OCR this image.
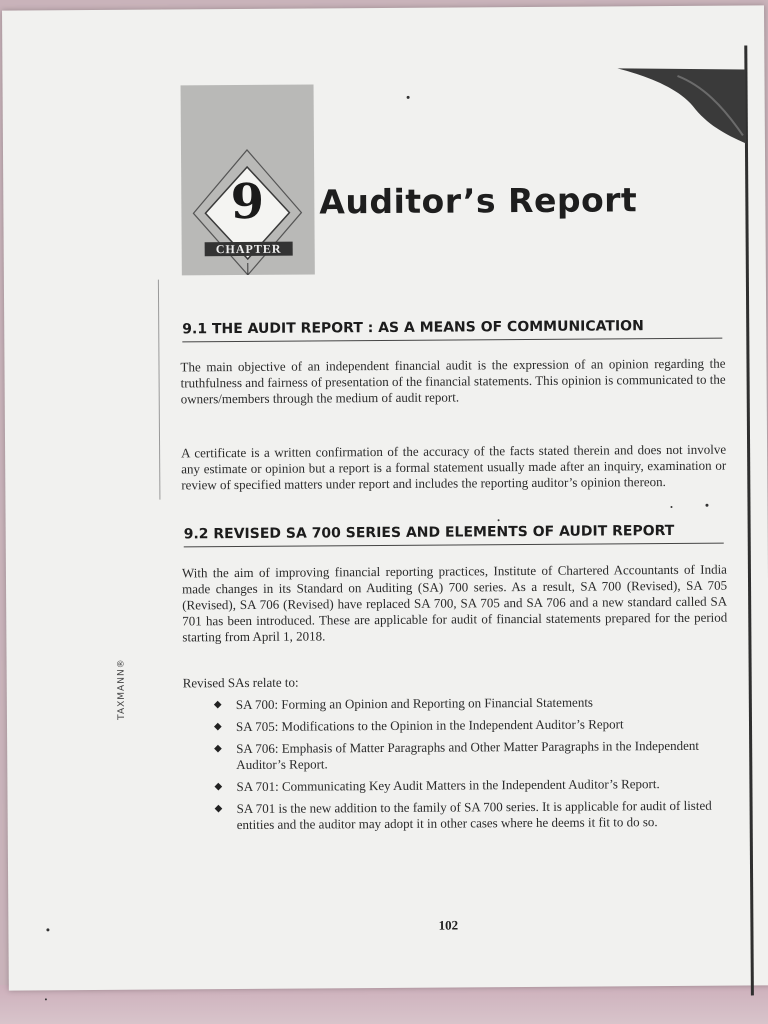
9
CHAPTER
Auditor’s Report
TAXMANN®
9.1 THE AUDIT REPORT : AS A MEANS OF COMMUNICATION

The main objective of an independent financial audit is the expression of an opinion regarding the truthfulness and fairness of presentation of the financial statements. This opinion is communicated to the owners/members through the medium of audit report.

A certificate is a written confirmation of the accuracy of the facts stated therein and does not involve any estimate or opinion but a report is a formal statement usually made after an inquiry, examination or review of specified matters under report and includes the reporting auditor’s opinion thereon.

9.2 REVISED SA 700 SERIES AND ELEMENTS OF AUDIT REPORT

With the aim of improving financial reporting practices, Institute of Chartered Accountants of India made changes in its Standard on Auditing (SA) 700 series. As a result, SA 700 (Revised), SA 705 (Revised), SA 706 (Revised) have replaced SA 700, SA 705 and SA 706 and a new standard called SA 701 has been introduced. These are applicable for audit of financial statements prepared for the period starting from April 1, 2018.

Revised SAs relate to:

◆ SA 700: Forming an Opinion and Reporting on Financial Statements
◆ SA 705: Modifications to the Opinion in the Independent Auditor’s Report
◆ SA 706: Emphasis of Matter Paragraphs and Other Matter Paragraphs in the Independent Auditor’s Report.
◆ SA 701: Communicating Key Audit Matters in the Independent Auditor’s Report.
◆ SA 701 is the new addition to the family of SA 700 series. It is applicable for audit of listed entities and the auditor may adopt it in other cases where he deems it fit to do so.
102
